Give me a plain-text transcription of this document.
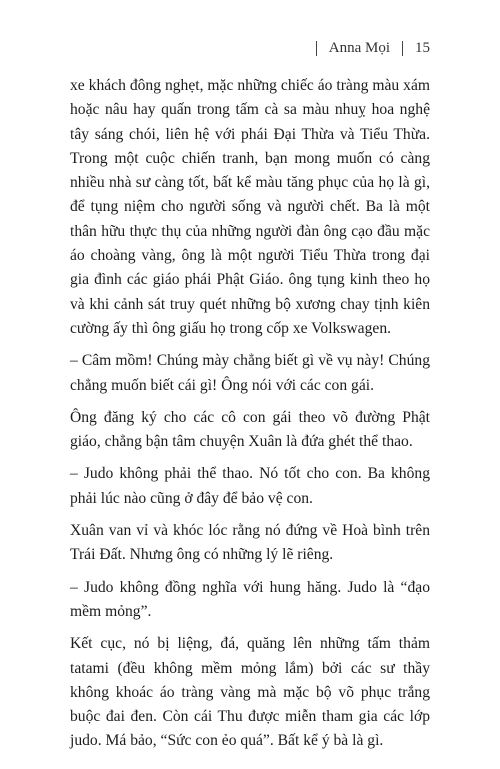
Anna Mọi 15

xe khách đông nghẹt, mặc những chiếc áo tràng màu xám hoặc nâu hay quấn trong tấm cà sa màu nhuỵ hoa nghệ tây sáng chói, liên hệ với phái Đại Thừa và Tiểu Thừa. Trong một cuộc chiến tranh, bạn mong muốn có càng nhiều nhà sư càng tốt, bất kể màu tăng phục của họ là gì, để tụng niệm cho người sống và người chết. Ba là một thân hữu thực thụ của những người đàn ông cạo đầu mặc áo choàng vàng, ông là một người Tiểu Thừa trong đại gia đình các giáo phái Phật Giáo. ông tụng kinh theo họ và khi cảnh sát truy quét những bộ xương chay tịnh kiên cường ấy thì ông giấu họ trong cốp xe Volkswagen.

– Câm mồm! Chúng mày chẳng biết gì về vụ này! Chúng chẳng muốn biết cái gì! Ông nói với các con gái.

Ông đăng ký cho các cô con gái theo võ đường Phật giáo, chẳng bận tâm chuyện Xuân là đứa ghét thể thao.

– Judo không phải thể thao. Nó tốt cho con. Ba không phải lúc nào cũng ở đây để bảo vệ con.

Xuân van vỉ và khóc lóc rằng nó đứng về Hoà bình trên Trái Đất. Nhưng ông có những lý lẽ riêng.

– Judo không đồng nghĩa với hung hăng. Judo là “đạo mềm mỏng”.

Kết cục, nó bị liệng, đá, quăng lên những tấm thảm tatami (đều không mềm mỏng lắm) bởi các sư thầy không khoác áo tràng vàng mà mặc bộ võ phục trắng buộc đai đen. Còn cái Thu được miễn tham gia các lớp judo. Má bảo, “Sức con ẻo quá”. Bất kể ý bà là gì.
